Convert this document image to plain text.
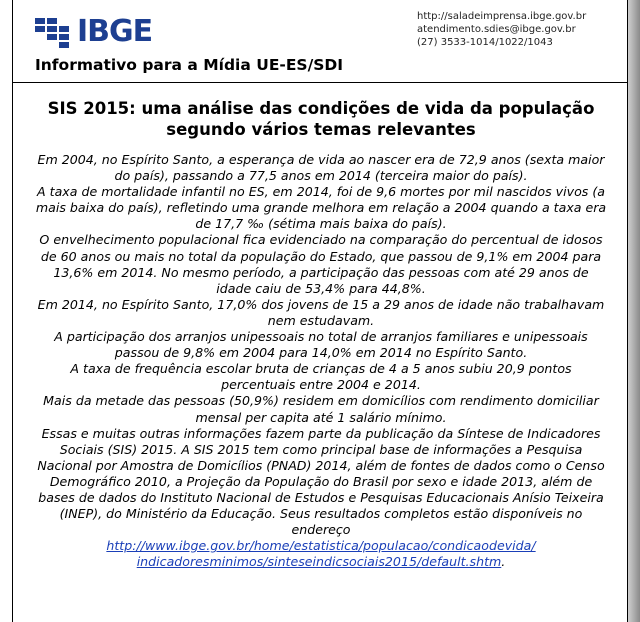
IBGE	http://saladeimprensa.ibge.gov.br
atendimento.sdies@ibge.gov.br
(27) 3533-1014/1022/1043
Informativo para a Mídia UE-ES/SDI
SIS 2015: uma análise das condições de vida da população segundo vários temas relevantes

Em 2004, no Espírito Santo, a esperança de vida ao nascer era de 72,9 anos (sexta maior do país), passando a 77,5 anos em 2014 (terceira maior do país).

A taxa de mortalidade infantil no ES, em 2014, foi de 9,6 mortes por mil nascidos vivos (a mais baixa do país), refletindo uma grande melhora em relação a 2004 quando a taxa era de 17,7 ‰ (sétima mais baixa do país).

O envelhecimento populacional fica evidenciado na comparação do percentual de idosos de 60 anos ou mais no total da população do Estado, que passou de 9,1% em 2004 para 13,6% em 2014. No mesmo período, a participação das pessoas com até 29 anos de idade caiu de 53,4% para 44,8%.

Em 2014, no Espírito Santo, 17,0% dos jovens de 15 a 29 anos de idade não trabalhavam nem estudavam.

A participação dos arranjos unipessoais no total de arranjos familiares e unipessoais passou de 9,8% em 2004 para 14,0% em 2014 no Espírito Santo.

A taxa de frequência escolar bruta de crianças de 4 a 5 anos subiu 20,9 pontos percentuais entre 2004 e 2014.

Mais da metade das pessoas (50,9%) residem em domicílios com rendimento domiciliar mensal per capita até 1 salário mínimo.

Essas e muitas outras informações fazem parte da publicação da Síntese de Indicadores Sociais (SIS) 2015. A SIS 2015 tem como principal base de informações a Pesquisa Nacional por Amostra de Domicílios (PNAD) 2014, além de fontes de dados como o Censo Demográfico 2010, a Projeção da População do Brasil por sexo e idade 2013, além de bases de dados do Instituto Nacional de Estudos e Pesquisas Educacionais Anísio Teixeira (INEP), do Ministério da Educação. Seus resultados completos estão disponíveis no endereço

http://www.ibge.gov.br/home/estatistica/populacao/condicaodevida/
indicadoresminimos/sinteseindicsociais2015/default.shtm.
